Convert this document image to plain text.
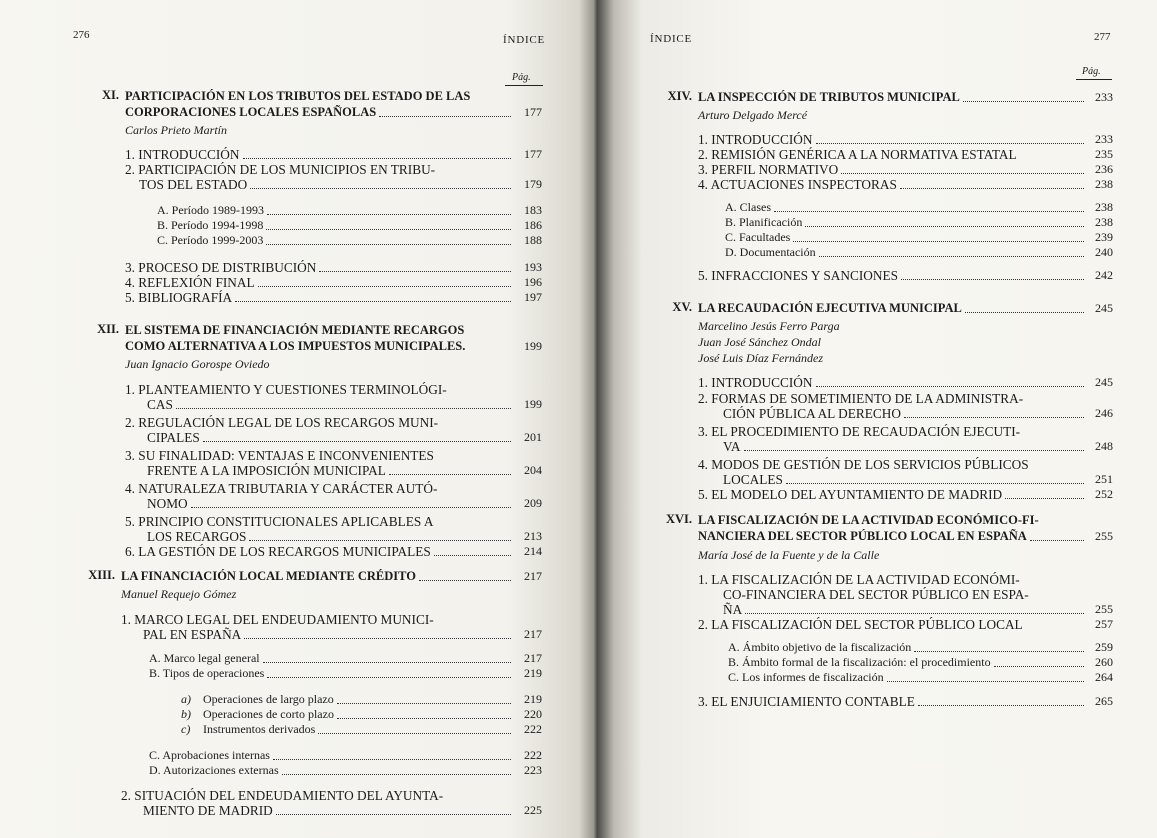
276	ÍNDICE
Pág.
XI. PARTICIPACIÓN EN LOS TRIBUTOS DEL ESTADO DE LAS
CORPORACIONES LOCALES ESPAÑOLAS	177
Carlos Prieto Martín
1. INTRODUCCIÓN	177
2. PARTICIPACIÓN DE LOS MUNICIPIOS EN TRIBU-
TOS DEL ESTADO	179
A. Período 1989-1993	183
B. Período 1994-1998	186
C. Período 1999-2003	188
3. PROCESO DE DISTRIBUCIÓN	193
4. REFLEXIÓN FINAL	196
5. BIBLIOGRAFÍA	197
XII. EL SISTEMA DE FINANCIACIÓN MEDIANTE RECARGOS
COMO ALTERNATIVA A LOS IMPUESTOS MUNICIPALES.	199
Juan Ignacio Gorospe Oviedo
1. PLANTEAMIENTO Y CUESTIONES TERMINOLÓGI-
CAS	199
2. REGULACIÓN LEGAL DE LOS RECARGOS MUNI-
CIPALES	201
3. SU FINALIDAD: VENTAJAS E INCONVENIENTES
FRENTE A LA IMPOSICIÓN MUNICIPAL	204
4. NATURALEZA TRIBUTARIA Y CARÁCTER AUTÓ-
NOMO	209
5. PRINCIPIO CONSTITUCIONALES APLICABLES A
LOS RECARGOS	213
6. LA GESTIÓN DE LOS RECARGOS MUNICIPALES	214
XIII. LA FINANCIACIÓN LOCAL MEDIANTE CRÉDITO	217
Manuel Requejo Gómez
1. MARCO LEGAL DEL ENDEUDAMIENTO MUNICI-
PAL EN ESPAÑA	217
A. Marco legal general	217
B. Tipos de operaciones	219
a)	Operaciones de largo plazo	219
b)	Operaciones de corto plazo	220
c)	Instrumentos derivados	222
C. Aprobaciones internas	222
D. Autorizaciones externas	223
2. SITUACIÓN DEL ENDEUDAMIENTO DEL AYUNTA-
MIENTO DE MADRID	225
ÍNDICE	277
Pág.
XIV. LA INSPECCIÓN DE TRIBUTOS MUNICIPAL	233
Arturo Delgado Mercé
1. INTRODUCCIÓN	233
2. REMISIÓN GENÉRICA A LA NORMATIVA ESTATAL	235
3. PERFIL NORMATIVO	236
4. ACTUACIONES INSPECTORAS	238
A. Clases	238
B. Planificación	238
C. Facultades	239
D. Documentación	240
5. INFRACCIONES Y SANCIONES	242
XV. LA RECAUDACIÓN EJECUTIVA MUNICIPAL	245
Marcelino Jesús Ferro Parga
Juan José Sánchez Ondal
José Luis Díaz Fernández
1. INTRODUCCIÓN	245
2. FORMAS DE SOMETIMIENTO DE LA ADMINISTRA-
CIÓN PÚBLICA AL DERECHO	246
3. EL PROCEDIMIENTO DE RECAUDACIÓN EJECUTI-
VA	248
4. MODOS DE GESTIÓN DE LOS SERVICIOS PÚBLICOS
LOCALES	251
5. EL MODELO DEL AYUNTAMIENTO DE MADRID	252
XVI. LA FISCALIZACIÓN DE LA ACTIVIDAD ECONÓMICO-FI-
NANCIERA DEL SECTOR PÚBLICO LOCAL EN ESPAÑA	255
María José de la Fuente y de la Calle
1. LA FISCALIZACIÓN DE LA ACTIVIDAD ECONÓMI-
CO-FINANCIERA DEL SECTOR PÚBLICO EN ESPA-
ÑA	255
2. LA FISCALIZACIÓN DEL SECTOR PÚBLICO LOCAL	257
A. Ámbito objetivo de la fiscalización	259
B. Ámbito formal de la fiscalización: el procedimiento	260
C. Los informes de fiscalización	264
3. EL ENJUICIAMIENTO CONTABLE	265
